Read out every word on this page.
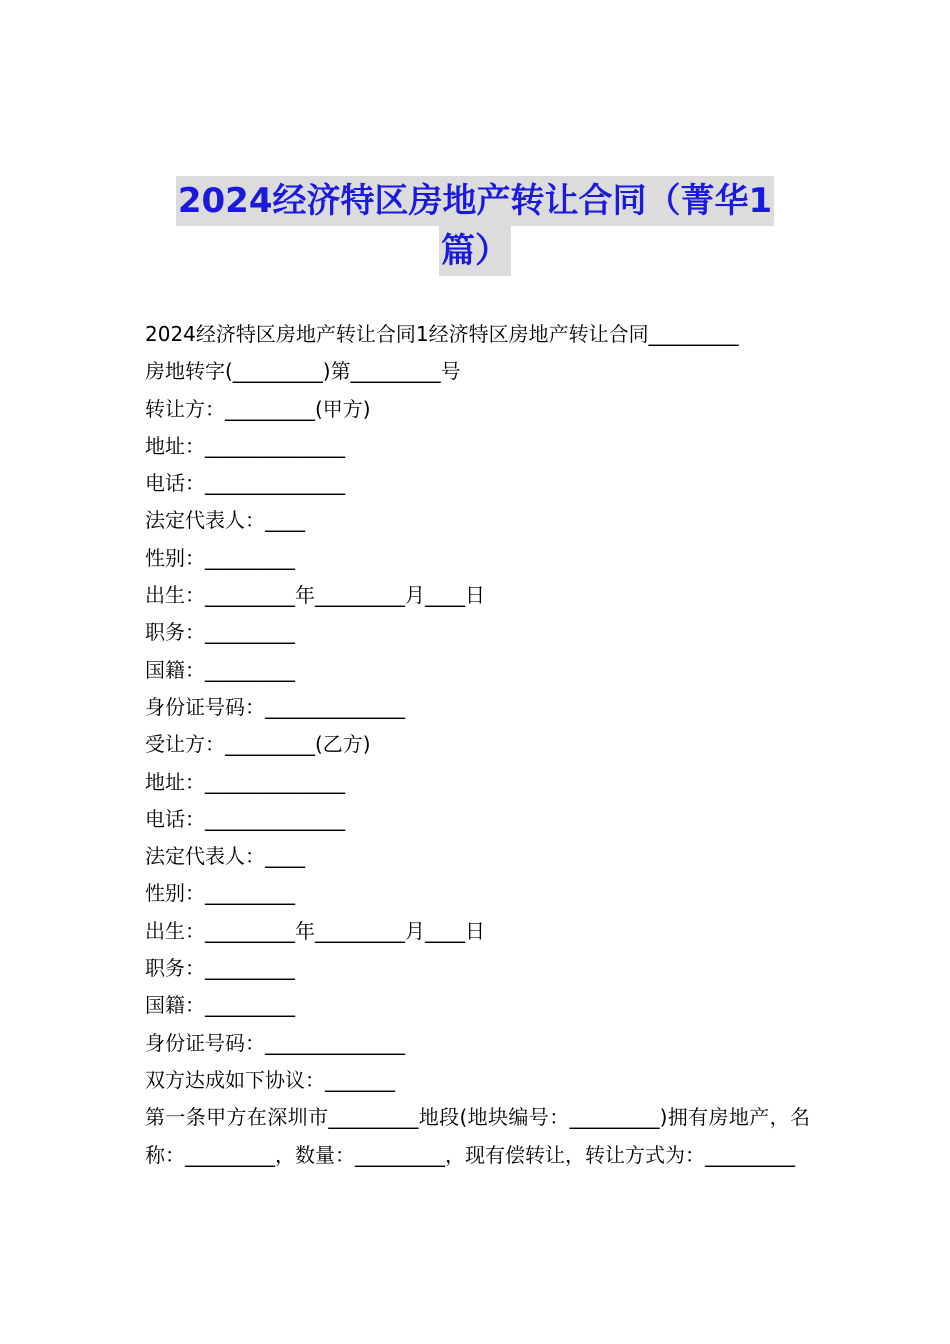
2024经济特区房地产转让合同（菁华1
篇）

2024经济特区房地产转让合同1经济特区房地产转让合同_________

房地转字(_________)第_________号

转让方：_________(甲方)

地址：______________

电话：______________

法定代表人：____

性别：_________

出生：_________年_________月____日

职务：_________

国籍：_________

身份证号码：______________

受让方：_________(乙方)

地址：______________

电话：______________

法定代表人：____

性别：_________

出生：_________年_________月____日

职务：_________

国籍：_________

身份证号码：______________

双方达成如下协议：_______

第一条甲方在深圳市_________地段(地块编号：_________)拥有房地产，名称：_________，数量：_________，现有偿转让，转让方式为：_________
